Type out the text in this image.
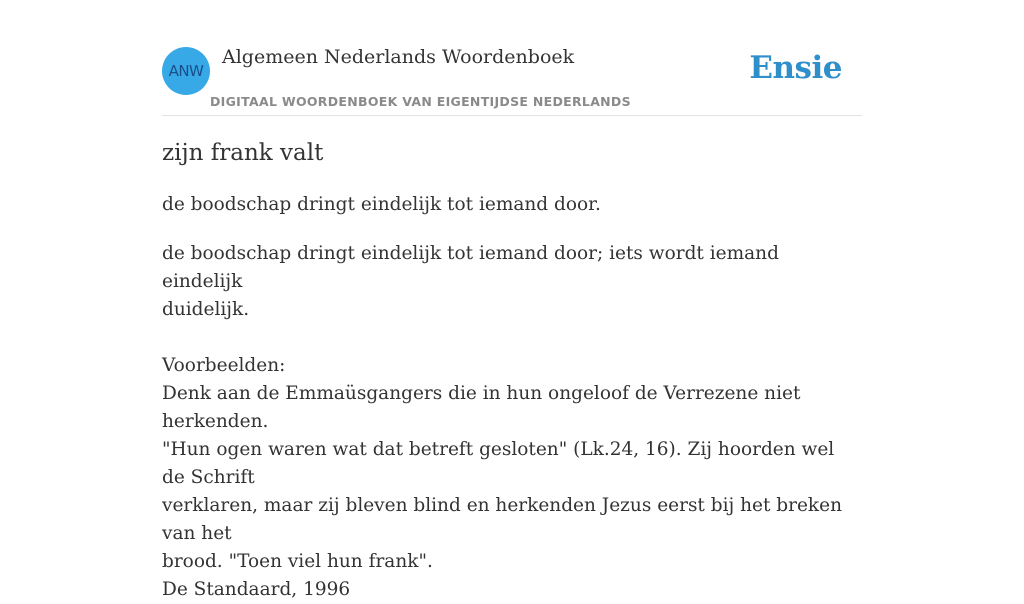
ANW
Algemeen Nederlands Woordenboek
DIGITAAL WOORDENBOEK VAN EIGENTIJDSE NEDERLANDS
Ensie
zijn frank valt
de boodschap dringt eindelijk tot iemand door.
de boodschap dringt eindelijk tot iemand door; iets wordt iemand eindelijk
duidelijk.
Voorbeelden:
Denk aan de Emmaüsgangers die in hun ongeloof de Verrezene niet herkenden.
"Hun ogen waren wat dat betreft gesloten" (Lk.24, 16). Zij hoorden wel de Schrift
verklaren, maar zij bleven blind en herkenden Jezus eerst bij het breken van het
brood. "Toen viel hun frank".
De Standaard, 1996
